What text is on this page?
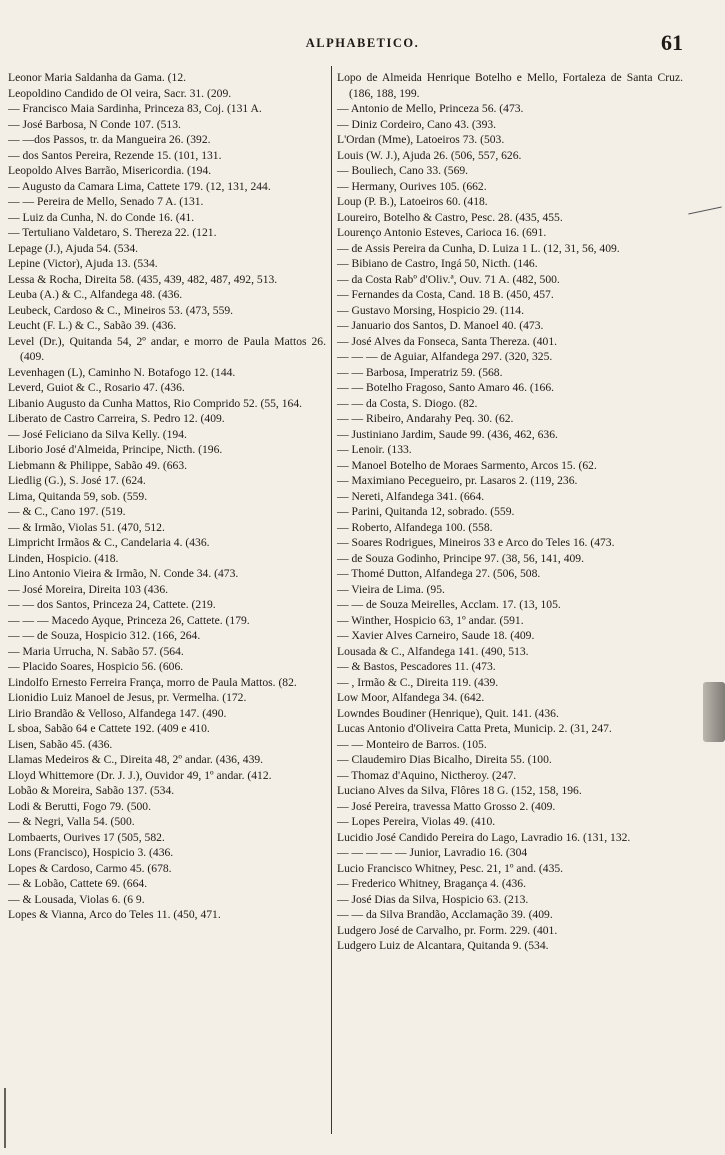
ALPHABETICO.	61
Leonor Maria Saldanha da Gama. (12.
Leopoldino Candido de Ol veira, Sacr. 31. (209.
— Francisco Maia Sardinha, Princeza 83, Coj. (131 A.
— José Barbosa, N Conde 107. (513.
— —dos Passos, tr. da Mangueira 26. (392.
— dos Santos Pereira, Rezende 15. (101, 131.
Leopoldo Alves Barrão, Misericordia. (194.
— Augusto da Camara Lima, Cattete 179. (12, 131, 244.
— — Pereira de Mello, Senado 7 A. (131.
— Luiz da Cunha, N. do Conde 16. (41.
— Tertuliano Valdetaro, S. Thereza 22. (121.
Lepage (J.), Ajuda 54. (534.
Lepine (Victor), Ajuda 13. (534.
Lessa & Rocha, Direita 58. (435, 439, 482, 487, 492, 513.
Leuba (A.) & C., Alfandega 48. (436.
Leubeck, Cardoso & C., Mineiros 53. (473, 559.
Leucht (F. L.) & C., Sabão 39. (436.
Level (Dr.), Quitanda 54, 2º andar, e morro de Paula Mattos 26. (409.
Levenhagen (L), Caminho N. Botafogo 12. (144.
Leverd, Guiot & C., Rosario 47. (436.
Libanio Augusto da Cunha Mattos, Rio Comprido 52. (55, 164.
Liberato de Castro Carreira, S. Pedro 12. (409.
— José Feliciano da Silva Kelly. (194.
Liborio José d'Almeida, Principe, Nicth. (196.
Liebmann & Philippe, Sabão 49. (663.
Liedlig (G.), S. José 17. (624.
Lima, Quitanda 59, sob. (559.
— & C., Cano 197. (519.
— & Irmão, Violas 51. (470, 512.
Limpricht Irmãos & C., Candelaria 4. (436.
Linden, Hospicio. (418.
Lino Antonio Vieira & Irmão, N. Conde 34. (473.
— José Moreira, Direita 103 (436.
— — dos Santos, Princeza 24, Cattete. (219.
— — — Macedo Ayque, Princeza 26, Cattete. (179.
— — de Souza, Hospicio 312. (166, 264.
— Maria Urrucha, N. Sabão 57. (564.
— Placido Soares, Hospicio 56. (606.
Lindolfo Ernesto Ferreira França, morro de Paula Mattos. (82.
Lionidio Luiz Manoel de Jesus, pr. Vermelha. (172.
Lirio Brandão & Velloso, Alfandega 147. (490.
L sboa, Sabão 64 e Cattete 192. (409 e 410.
Lisen, Sabão 45. (436.
Llamas Medeiros & C., Direita 48, 2º andar. (436, 439.
Lloyd Whittemore (Dr. J. J.), Ouvidor 49, 1º andar. (412.
Lobão & Moreira, Sabão 137. (534.
Lodi & Berutti, Fogo 79. (500.
— & Negri, Valla 54. (500.
Lombaerts, Ourives 17 (505, 582.
Lons (Francisco), Hospicio 3. (436.
Lopes & Cardoso, Carmo 45. (678.
— & Lobão, Cattete 69. (664.
— & Lousada, Violas 6. (6 9.
Lopes & Vianna, Arco do Teles 11. (450, 471.
Lopo de Almeida Henrique Botelho e Mello, Fortaleza de Santa Cruz. (186, 188, 199.
— Antonio de Mello, Princeza 56. (473.
— Diniz Cordeiro, Cano 43. (393.
L'Ordan (Mme), Latoeiros 73. (503.
Louis (W. J.), Ajuda 26. (506, 557, 626.
— Bouliech, Cano 33. (569.
— Hermany, Ourives 105. (662.
Loup (P. B.), Latoeiros 60. (418.
Loureiro, Botelho & Castro, Pesc. 28. (435, 455.
Lourenço Antonio Esteves, Carioca 16. (691.
— de Assis Pereira da Cunha, D. Luiza 1 L. (12, 31, 56, 409.
— Bibiano de Castro, Ingá 50, Nicth. (146.
— da Costa Rabº d'Oliv.ª, Ouv. 71 A. (482, 500.
— Fernandes da Costa, Cand. 18 B. (450, 457.
— Gustavo Morsing, Hospicio 29. (114.
— Januario dos Santos, D. Manoel 40. (473.
— José Alves da Fonseca, Santa Thereza. (401.
— — — de Aguiar, Alfandega 297. (320, 325.
— — Barbosa, Imperatriz 59. (568.
— — Botelho Fragoso, Santo Amaro 46. (166.
— — da Costa, S. Diogo. (82.
— — Ribeiro, Andarahy Peq. 30. (62.
— Justiniano Jardim, Saude 99. (436, 462, 636.
— Lenoir. (133.
— Manoel Botelho de Moraes Sarmento, Arcos 15. (62.
— Maximiano Pecegueiro, pr. Lasaros 2. (119, 236.
— Nereti, Alfandega 341. (664.
— Parini, Quitanda 12, sobrado. (559.
— Roberto, Alfandega 100. (558.
— Soares Rodrigues, Mineiros 33 e Arco do Teles 16. (473.
— de Souza Godinho, Principe 97. (38, 56, 141, 409.
— Thomé Dutton, Alfandega 27. (506, 508.
— Vieira de Lima. (95.
— — de Souza Meirelles, Acclam. 17. (13, 105.
— Winther, Hospicio 63, 1º andar. (591.
— Xavier Alves Carneiro, Saude 18. (409.
Lousada & C., Alfandega 141. (490, 513.
— & Bastos, Pescadores 11. (473.
— , Irmão & C., Direita 119. (439.
Low Moor, Alfandega 34. (642.
Lowndes Boudiner (Henrique), Quit. 141. (436.
Lucas Antonio d'Oliveira Catta Preta, Municip. 2. (31, 247.
— — Monteiro de Barros. (105.
— Claudemiro Dias Bicalho, Direita 55. (100.
— Thomaz d'Aquino, Nictheroy. (247.
Luciano Alves da Silva, Flôres 18 G. (152, 158, 196.
— José Pereira, travessa Matto Grosso 2. (409.
— Lopes Pereira, Violas 49. (410.
Lucidio José Candido Pereira do Lago, Lavradio 16. (131, 132.
— — — — — Junior, Lavradio 16. (304
Lucio Francisco Whitney, Pesc. 21, 1º and. (435.
— Frederico Whitney, Bragança 4. (436.
— José Dias da Silva, Hospicio 63. (213.
— — da Silva Brandão, Acclamação 39. (409.
Ludgero José de Carvalho, pr. Form. 229. (401.
Ludgero Luiz de Alcantara, Quitanda 9. (534.
